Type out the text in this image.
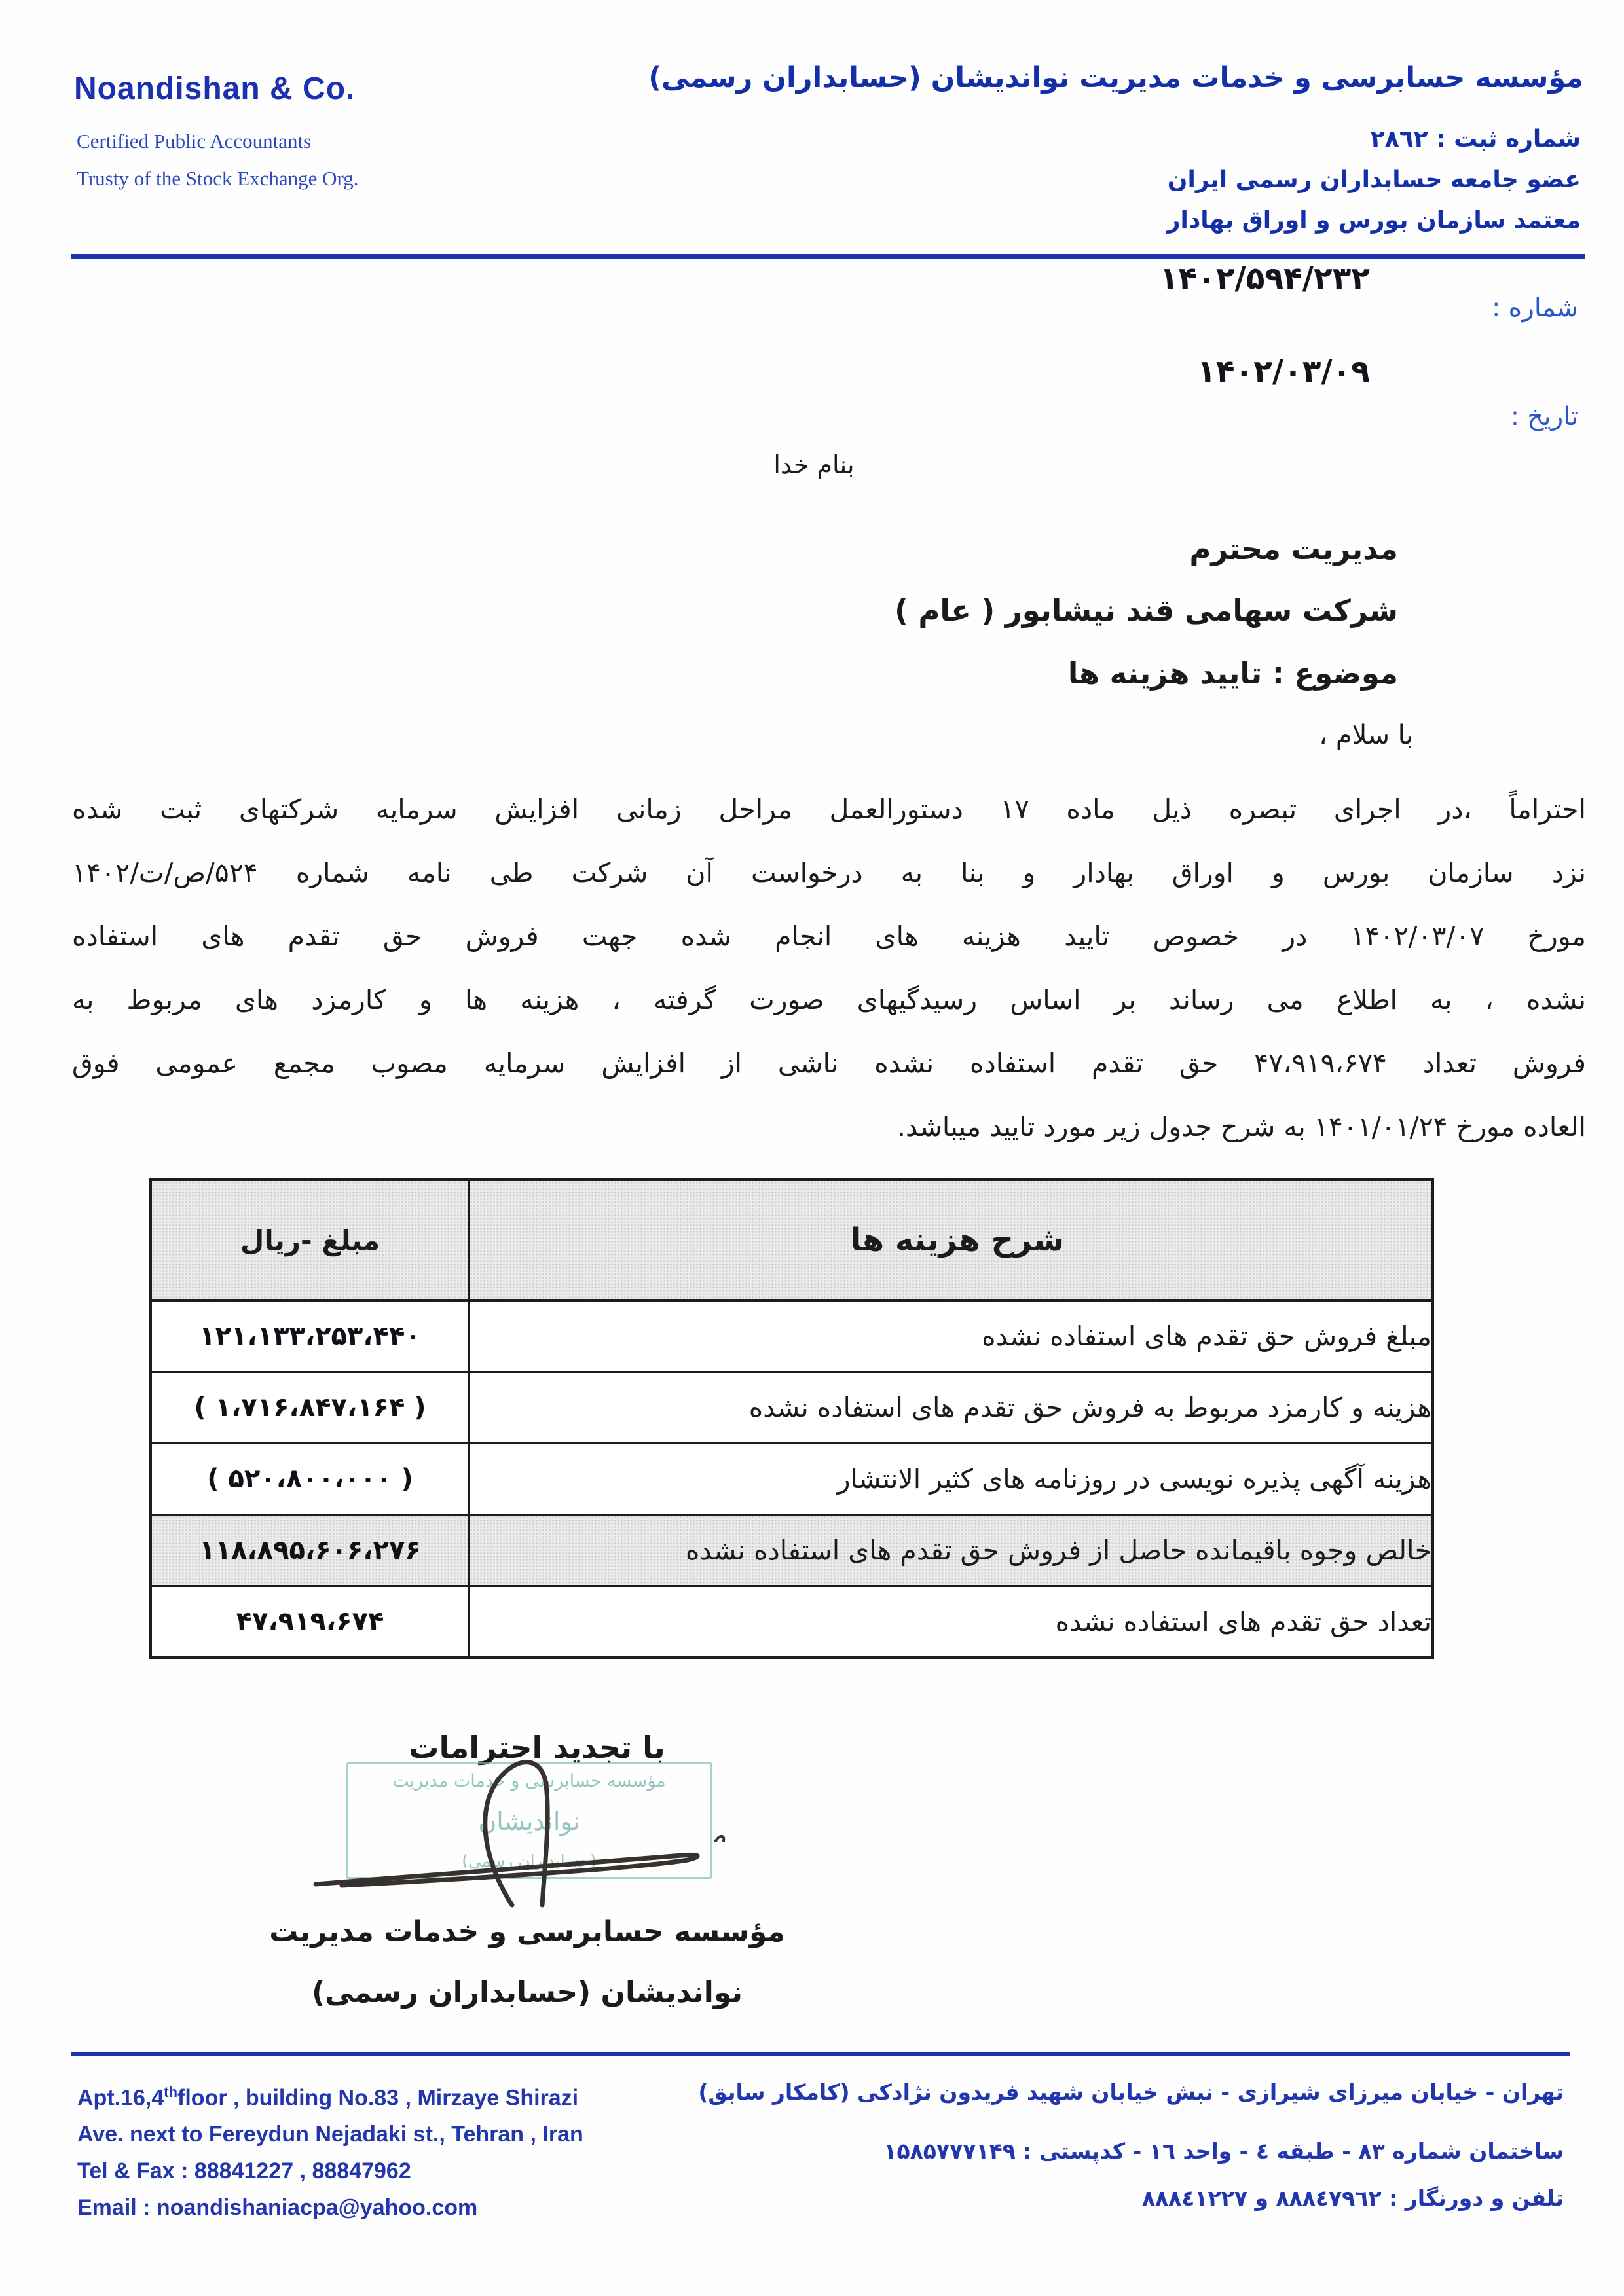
Noandishan & Co.
Certified Public Accountants
Trusty of the Stock Exchange Org.
مؤسسه حسابرسی و خدمات مدیریت نواندیشان (حسابداران رسمی)
شماره ثبت : ۲۸٦۲
عضو جامعه حسابداران رسمی ایران
معتمد سازمان بورس و اوراق بهادار
۱۴۰۲/۵۹۴/۲۳۲
شماره :
۱۴۰۲/۰۳/۰۹
تاریخ :
بنام خدا
مدیریت محترم
شرکت سهامی قند نیشابور ( عام )
موضوع : تایید هزینه ها
با سلام ،
احتراماً ،در اجرای تبصره ذیل ماده ۱۷ دستورالعمل مراحل زمانی افزایش سرمایه شرکتهای ثبت شده
نزد سازمان بورس و اوراق بهادار و بنا به درخواست آن شرکت طی نامه شماره ۵۲۴/ص/ت/۱۴۰۲
مورخ ۱۴۰۲/۰۳/۰۷ در خصوص تایید هزینه های انجام شده جهت فروش حق تقدم های استفاده
نشده ، به اطلاع می رساند بر اساس رسیدگیهای صورت گرفته ، هزینه ها و کارمزد های مربوط به
فروش تعداد ۴۷،۹۱۹،۶۷۴ حق تقدم استفاده نشده ناشی از افزایش سرمایه مصوب مجمع عمومی فوق
العاده مورخ ۱۴۰۱/۰۱/۲۴ به شرح جدول زیر مورد تایید میباشد.
مبلغ -ریال	شرح هزینه ها
۱۲۱،۱۳۳،۲۵۳،۴۴۰	مبلغ فروش حق تقدم های استفاده نشده
( ۱،۷۱۶،۸۴۷،۱۶۴ )	هزینه و کارمزد مربوط به فروش حق تقدم های استفاده نشده
( ۵۲۰،۸۰۰،۰۰۰ )	هزینه آگهی پذیره نویسی در روزنامه های کثیر الانتشار
۱۱۸،۸۹۵،۶۰۶،۲۷۶	خالص وجوه باقیمانده حاصل از فروش حق تقدم های استفاده نشده
۴۷،۹۱۹،۶۷۴	تعداد حق تقدم های استفاده نشده
با تجدید احترامات
مؤسسه حسابرسی و خدمات مدیریت
نواندیشان
(حسابداران رسمی)
مؤسسه حسابرسی و خدمات مدیریت
نواندیشان (حسابداران رسمی)
Apt.16,4thfloor , building No.83 , Mirzaye Shirazi
Ave. next to Fereydun Nejadaki st., Tehran , Iran
Tel & Fax : 88841227 , 88847962
Email : noandishaniacpa@yahoo.com
تهران - خیابان میرزای شیرازی - نبش خیابان شهید فریدون نژادکی (کامکار سابق)
ساختمان شماره ۸۳ - طبقه ٤ - واحد ١٦ - کدپستی : ۱۵۸۵۷۷۷۱۴۹
تلفن و دورنگار : ۸۸۸٤۷۹٦۲ و ۸۸۸٤۱۲۲۷
